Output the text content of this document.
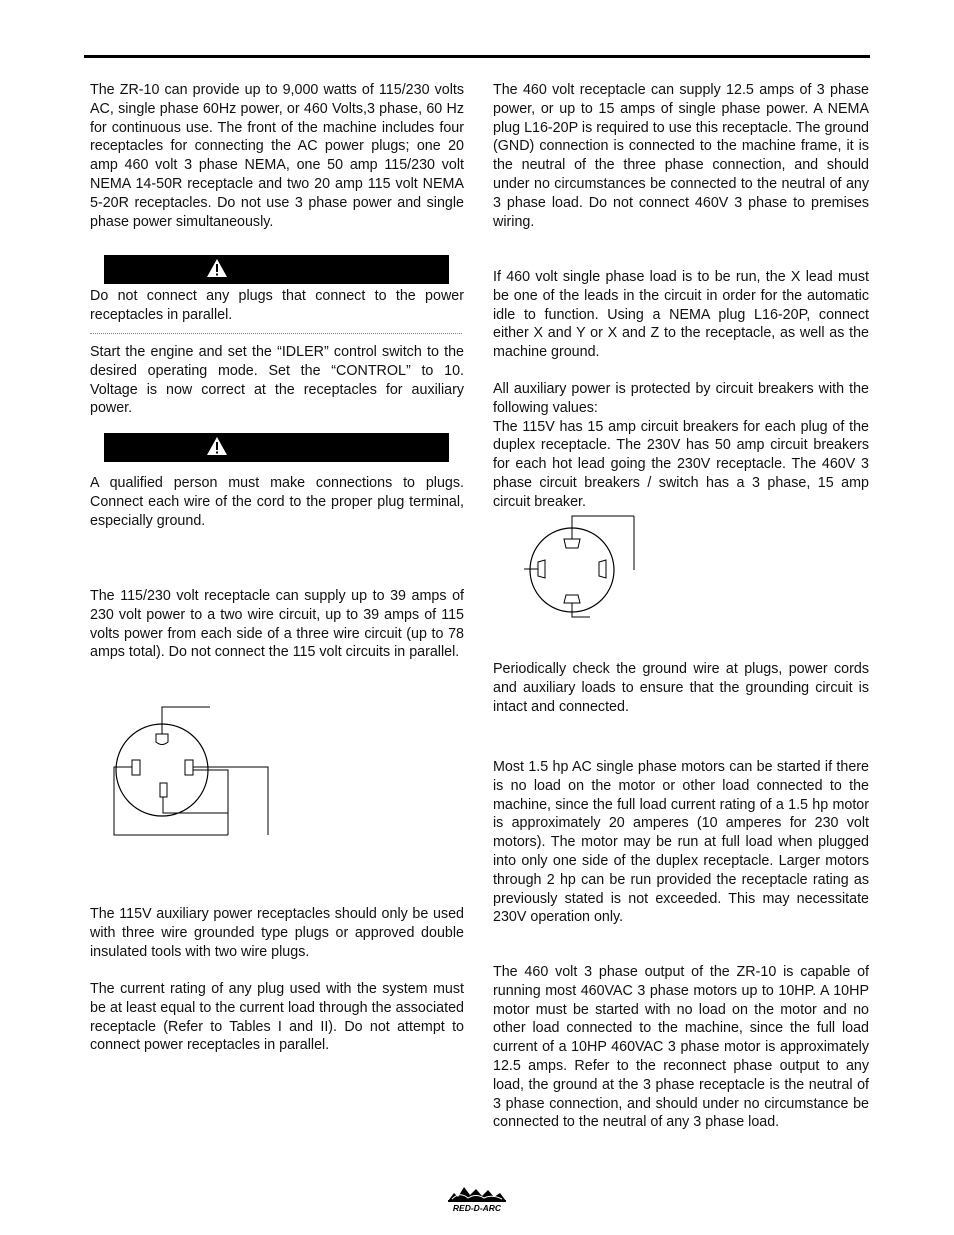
The ZR-10 can provide up to 9,000 watts of 115/230 volts AC, single phase 60Hz power, or 460 Volts,3 phase, 60 Hz for continuous use. The front of the machine includes four receptacles for connecting the AC power plugs; one 20 amp 460 volt 3 phase NEMA, one 50 amp 115/230 volt NEMA 14-50R receptacle and two 20 amp 115 volt NEMA 5-20R receptacles. Do not use 3 phase power and single phase power simultaneously.

Do not connect any plugs that connect to the power receptacles in parallel.

Start the engine and set the “IDLER” control switch to the desired operating mode. Set the “CONTROL” to 10. Voltage is now correct at the receptacles for auxiliary power.

A qualified person must make connections to plugs. Connect each wire of the cord to the proper plug terminal, especially ground.

The 115/230 volt receptacle can supply up to 39 amps of 230 volt power to a two wire circuit, up to 39 amps of 115 volts power from each side of a three wire circuit (up to 78 amps total). Do not connect the 115 volt circuits in parallel.

The 115V auxiliary power receptacles should only be used with three wire grounded type plugs or approved double insulated tools with two wire plugs.

The current rating of any plug used with the system must be at least equal to the current load through the associated receptacle (Refer to Tables I and II). Do not attempt to connect power receptacles in parallel.

The 460 volt receptacle can supply 12.5 amps of 3 phase power, or up to 15 amps of single phase power. A NEMA plug L16-20P is required to use this receptacle. The ground (GND) connection is connected to the machine frame, it is the neutral of the three phase connection, and should under no circumstances be connected to the neutral of any 3 phase load. Do not connect 460V 3 phase to premises wiring.

If 460 volt single phase load is to be run, the X lead must be one of the leads in the circuit in order for the automatic idle to function. Using a NEMA plug L16-20P, connect either X and Y or X and Z to the receptacle, as well as the machine ground.

All auxiliary power is protected by circuit breakers with the following values:
The 115V has 15 amp circuit breakers for each plug of the duplex receptacle. The 230V has 50 amp circuit breakers for each hot lead going the 230V receptacle. The 460V 3 phase circuit breakers / switch has a 3 phase, 15 amp circuit breaker.

Periodically check the ground wire at plugs, power cords and auxiliary loads to ensure that the grounding circuit is intact and connected.

Most 1.5 hp AC single phase motors can be started if there is no load on the motor or other load connected to the machine, since the full load current rating of a 1.5 hp motor is approximately 20 amperes (10 amperes for 230 volt motors). The motor may be run at full load when plugged into only one side of the duplex receptacle. Larger motors through 2 hp can be run provided the receptacle rating as previously stated is not exceeded. This may necessitate 230V operation only.

The 460 volt 3 phase output of the ZR-10 is capable of running most 460VAC 3 phase motors up to 10HP. A 10HP motor must be started with no load on the motor and no other load connected to the machine, since the full load current of a 10HP 460VAC 3 phase motor is approximately 12.5 amps. Refer to the reconnect phase output to any load, the ground at the 3 phase receptacle is the neutral of 3 phase connection, and should under no circumstance be connected to the neutral of any 3 phase load.

RED-D-ARC
